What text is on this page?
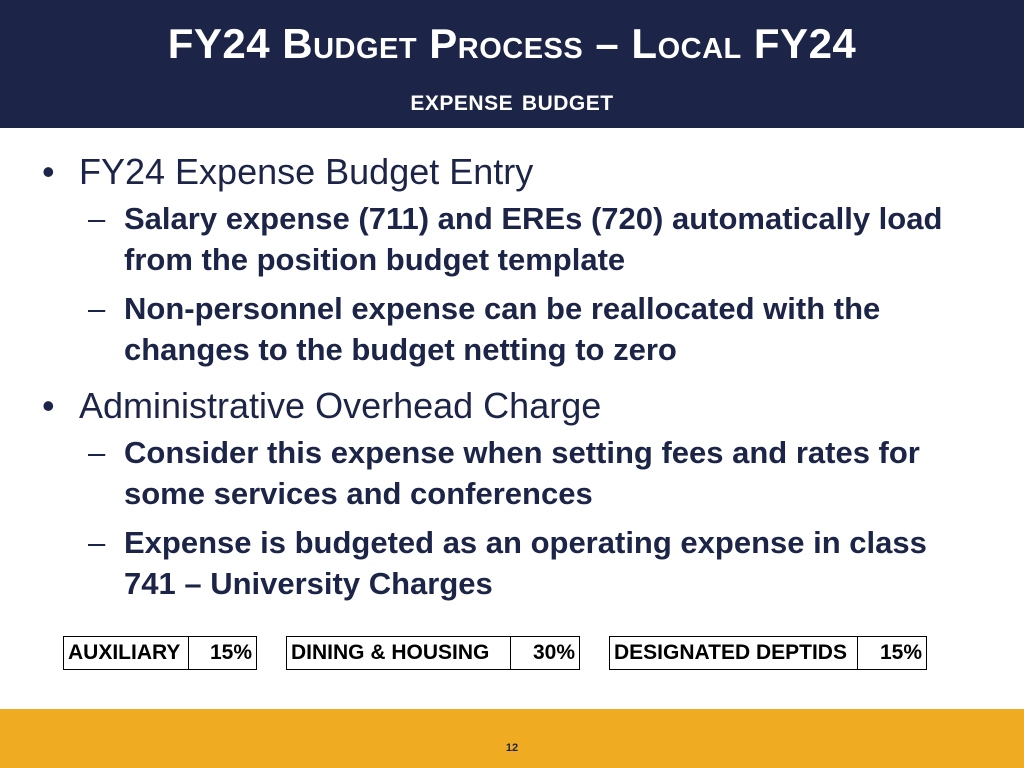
FY24 Budget Process – Local FY24
expense budget
• FY24 Expense Budget Entry
– Salary expense (711) and EREs (720) automatically load from the position budget template
– Non-personnel expense can be reallocated with the changes to the budget netting to zero
• Administrative Overhead Charge
– Consider this expense when setting fees and rates for some services and conferences
– Expense is budgeted as an operating expense in class 741 – University Charges
AUXILIARY	15% DINING & HOUSING	30% DESIGNATED DEPTIDS	15%
12
